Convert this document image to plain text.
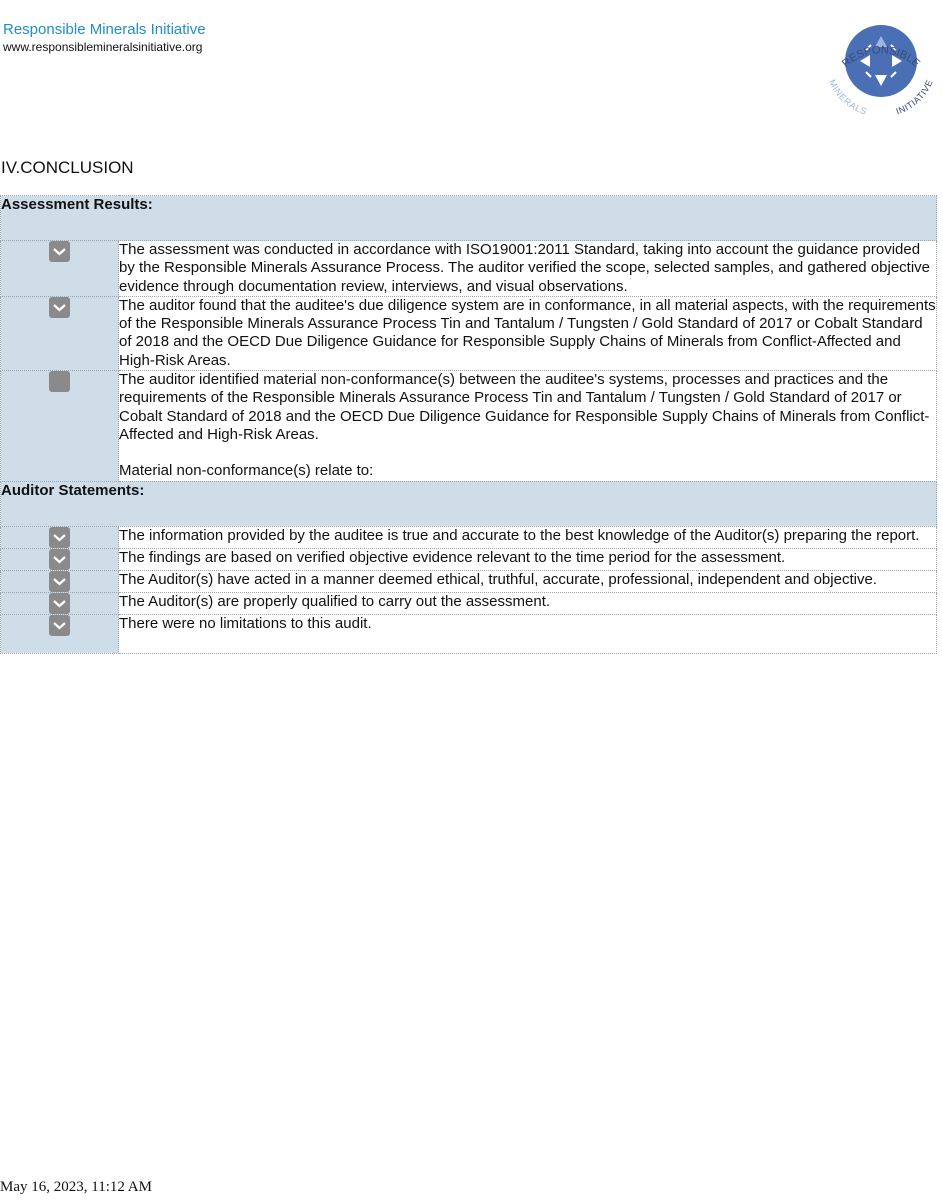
Responsible Minerals Initiative
www.responsiblemineralsinitiative.org
RESPONSIBLE
MINERALS	INITIATIVE
IV.CONCLUSION
Assessment Results:	

	The assessment was conducted in accordance with ISO19001:2011 Standard, taking into account the guidance provided by the Responsible Minerals Assurance Process. The auditor verified the scope, selected samples, and gathered objective evidence through documentation review, interviews, and visual observations.

	The auditor found that the auditee's due diligence system are in conformance, in all material aspects, with the requirements of the Responsible Minerals Assurance Process Tin and Tantalum / Tungsten / Gold Standard of 2017 or Cobalt Standard of 2018 and the OECD Due Diligence Guidance for Responsible Supply Chains of Minerals from Conflict-Affected and High-Risk Areas.

	The auditor identified material non-conformance(s) between the auditee's systems, processes and practices and the requirements of the Responsible Minerals Assurance Process Tin and Tantalum / Tungsten / Gold Standard of 2017 or Cobalt Standard of 2018 and the OECD Due Diligence Guidance for Responsible Supply Chains of Minerals from Conflict-Affected and High-Risk Areas.
Material non-conformance(s) relate to:

Auditor Statements:	

	The information provided by the auditee is true and accurate to the best knowledge of the Auditor(s) preparing the report.

	The findings are based on verified objective evidence relevant to the time period for the assessment.

	The Auditor(s) have acted in a manner deemed ethical, truthful, accurate, professional, independent and objective.

	The Auditor(s) are properly qualified to carry out the assessment.

	There were no limitations to this audit.
May 16, 2023, 11:12 AM
